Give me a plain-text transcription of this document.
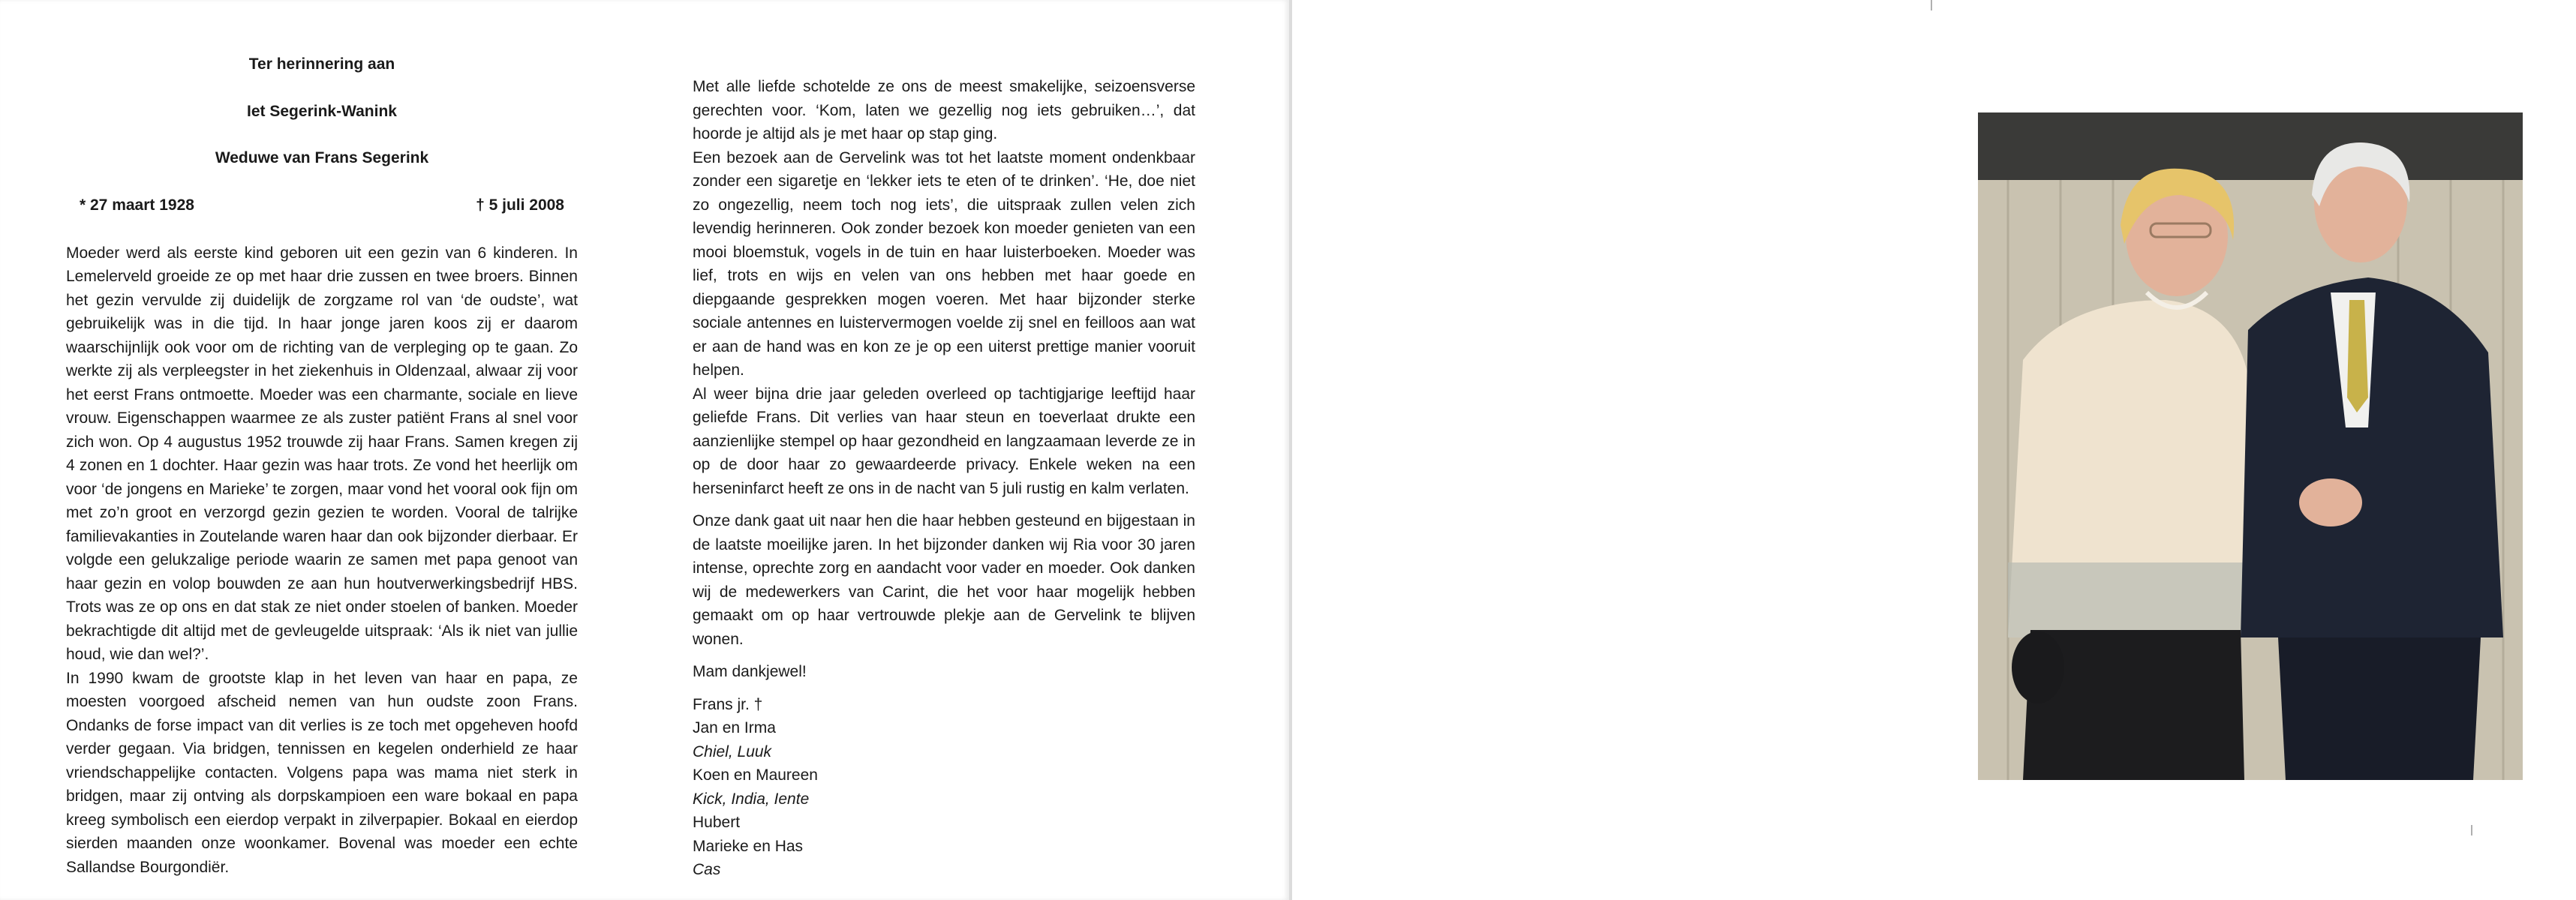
Ter herinnering aan

Iet Segerink-Wanink

Weduwe van Frans Segerink

* 27 maart 1928	† 5 juli 2008

Moeder werd als eerste kind geboren uit een gezin van 6 kinderen. In Lemelerveld groeide ze op met haar drie zussen en twee broers. Binnen het gezin vervulde zij duidelijk de zorgzame rol van ‘de oudste’, wat gebruikelijk was in die tijd. In haar jonge jaren koos zij er daarom waarschijnlijk ook voor om de richting van de verpleging op te gaan. Zo werkte zij als verpleegster in het ziekenhuis in Oldenzaal, alwaar zij voor het eerst Frans ontmoette. Moeder was een charmante, sociale en lieve vrouw. Eigenschappen waarmee ze als zuster patiënt Frans al snel voor zich won. Op 4 augustus 1952 trouwde zij haar Frans. Samen kregen zij 4 zonen en 1 dochter. Haar gezin was haar trots. Ze vond het heerlijk om voor ‘de jongens en Marieke’ te zorgen, maar vond het vooral ook fijn om met zo’n groot en verzorgd gezin gezien te worden. Vooral de talrijke familievakanties in Zoutelande waren haar dan ook bijzonder dierbaar. Er volgde een gelukzalige periode waarin ze samen met papa genoot van haar gezin en volop bouwden ze aan hun houtverwerkingsbedrijf HBS. Trots was ze op ons en dat stak ze niet onder stoelen of banken. Moeder bekrachtigde dit altijd met de gevleugelde uitspraak: ‘Als ik niet van jullie houd, wie dan wel?’.

In 1990 kwam de grootste klap in het leven van haar en papa, ze moesten voorgoed afscheid nemen van hun oudste zoon Frans. Ondanks de forse impact van dit verlies is ze toch met opgeheven hoofd verder gegaan. Via bridgen, tennissen en kegelen onderhield ze haar vriendschappelijke contacten. Volgens papa was mama niet sterk in bridgen, maar zij ontving als dorpskampioen een ware bokaal en papa kreeg symbolisch een eierdop verpakt in zilverpapier. Bokaal en eierdop sierden maanden onze woonkamer. Bovenal was moeder een echte Sallandse Bourgondiër.

Met alle liefde schotelde ze ons de meest smakelijke, seizoensverse gerechten voor. ‘Kom, laten we gezellig nog iets gebruiken…’, dat hoorde je altijd als je met haar op stap ging.

Een bezoek aan de Gervelink was tot het laatste moment ondenkbaar zonder een sigaretje en ‘lekker iets te eten of te drinken’. ‘He, doe niet zo ongezellig, neem toch nog iets’, die uitspraak zullen velen zich levendig herinneren. Ook zonder bezoek kon moeder genieten van een mooi bloemstuk, vogels in de tuin en haar luisterboeken. Moeder was lief, trots en wijs en velen van ons hebben met haar goede en diepgaande gesprekken mogen voeren. Met haar bijzonder sterke sociale antennes en luistervermogen voelde zij snel en feilloos aan wat er aan de hand was en kon ze je op een uiterst prettige manier vooruit helpen.

Al weer bijna drie jaar geleden overleed op tachtigjarige leeftijd haar geliefde Frans. Dit verlies van haar steun en toeverlaat drukte een aanzienlijke stempel op haar gezondheid en langzaamaan leverde ze in op de door haar zo gewaardeerde privacy. Enkele weken na een herseninfarct heeft ze ons in de nacht van 5 juli rustig en kalm verlaten.

Onze dank gaat uit naar hen die haar hebben gesteund en bijgestaan in de laatste moeilijke jaren. In het bijzonder danken wij Ria voor 30 jaren intense, oprechte zorg en aandacht voor vader en moeder. Ook danken wij de medewerkers van Carint, die het voor haar mogelijk hebben gemaakt om op haar vertrouwde plekje aan de Gervelink te blijven wonen.

Mam dankjewel!

Frans jr. †
Jan en Irma
Chiel, Luuk
Koen en Maureen
Kick, India, Iente
Hubert
Marieke en Has
Cas
